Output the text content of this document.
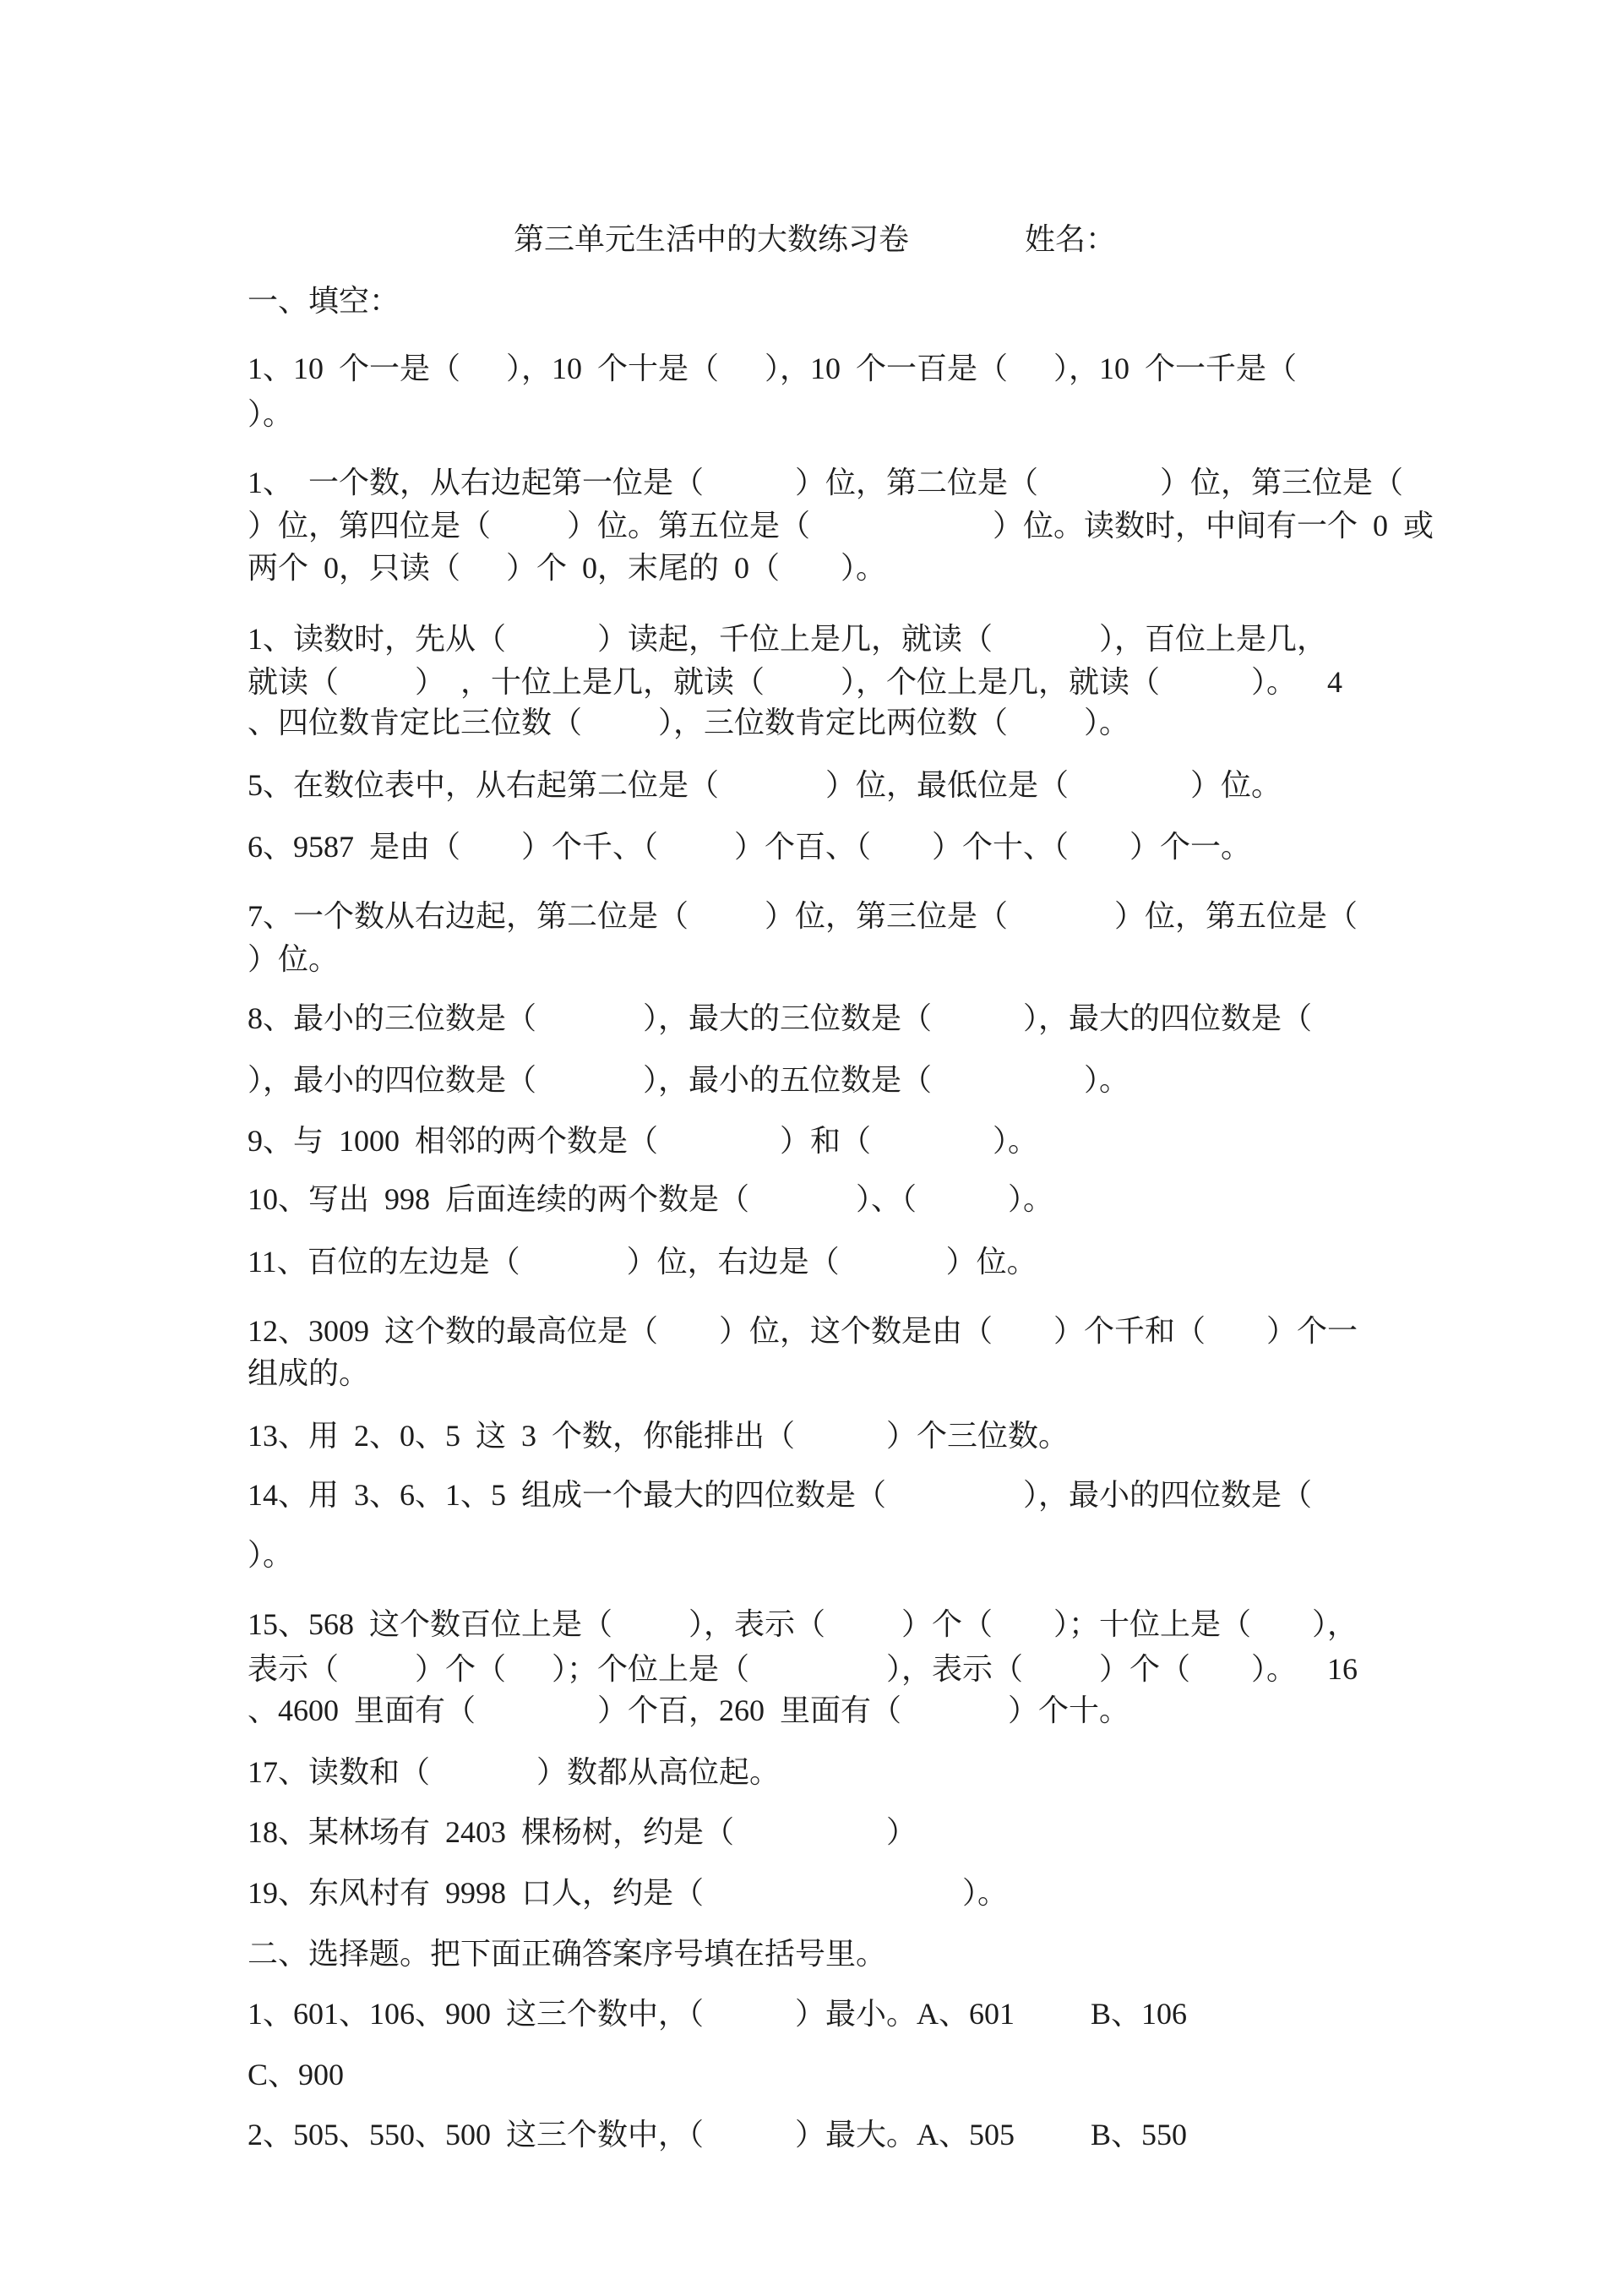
第三单元生活中的大数练习卷	姓名：
一、填空：
1、10 个一是（   ），10 个十是（   ），10 个一百是（   ），10 个一千是（
）。
1、 一个数，从右边起第一位是（      ）位，第二位是（        ）位，第三位是（
）位，第四位是（     ）位。第五位是（            ）位。读数时，中间有一个 0 或
两个 0，只读（   ）个 0，末尾的 0（    ）。
1、读数时，先从（      ）读起，千位上是几，就读（       ），百位上是几，
就读（     ） ，十位上是几，就读（     ），个位上是几，就读（      ）。  4
、四位数肯定比三位数（     ），三位数肯定比两位数（     ）。
5、在数位表中，从右起第二位是（       ）位，最低位是（        ）位。
6、9587 是由（    ）个千、（     ）个百、（    ）个十、（    ）个一。
7、一个数从右边起，第二位是（     ）位，第三位是（       ）位，第五位是（
）位。
8、最小的三位数是（       ），最大的三位数是（      ），最大的四位数是（
），最小的四位数是（       ），最小的五位数是（          ）。
9、与 1000 相邻的两个数是（        ）和（        ）。
10、写出 998 后面连续的两个数是（       ）、（      ）。
11、百位的左边是（       ）位，右边是（       ）位。
12、3009 这个数的最高位是（    ）位，这个数是由（    ）个千和（    ）个一
组成的。
13、用 2、0、5 这 3 个数，你能排出（      ）个三位数。
14、用 3、6、1、5 组成一个最大的四位数是（         ），最小的四位数是（
）。
15、568 这个数百位上是（     ），表示（     ）个（    ）；十位上是（    ），
表示（     ）个（   ）；个位上是（         ），表示（     ）个（    ）。  16
、4600 里面有（        ）个百，260 里面有（       ）个十。
17、读数和（       ）数都从高位起。
18、某林场有 2403 棵杨树，约是（          ）
19、东风村有 9998 口人，约是（                 ）。
二、选择题。把下面正确答案序号填在括号里。
1、601、106、900 这三个数中，（      ）最小。A、601     B、106
C、900
2、505、550、500 这三个数中，（      ）最大。A、505     B、550
